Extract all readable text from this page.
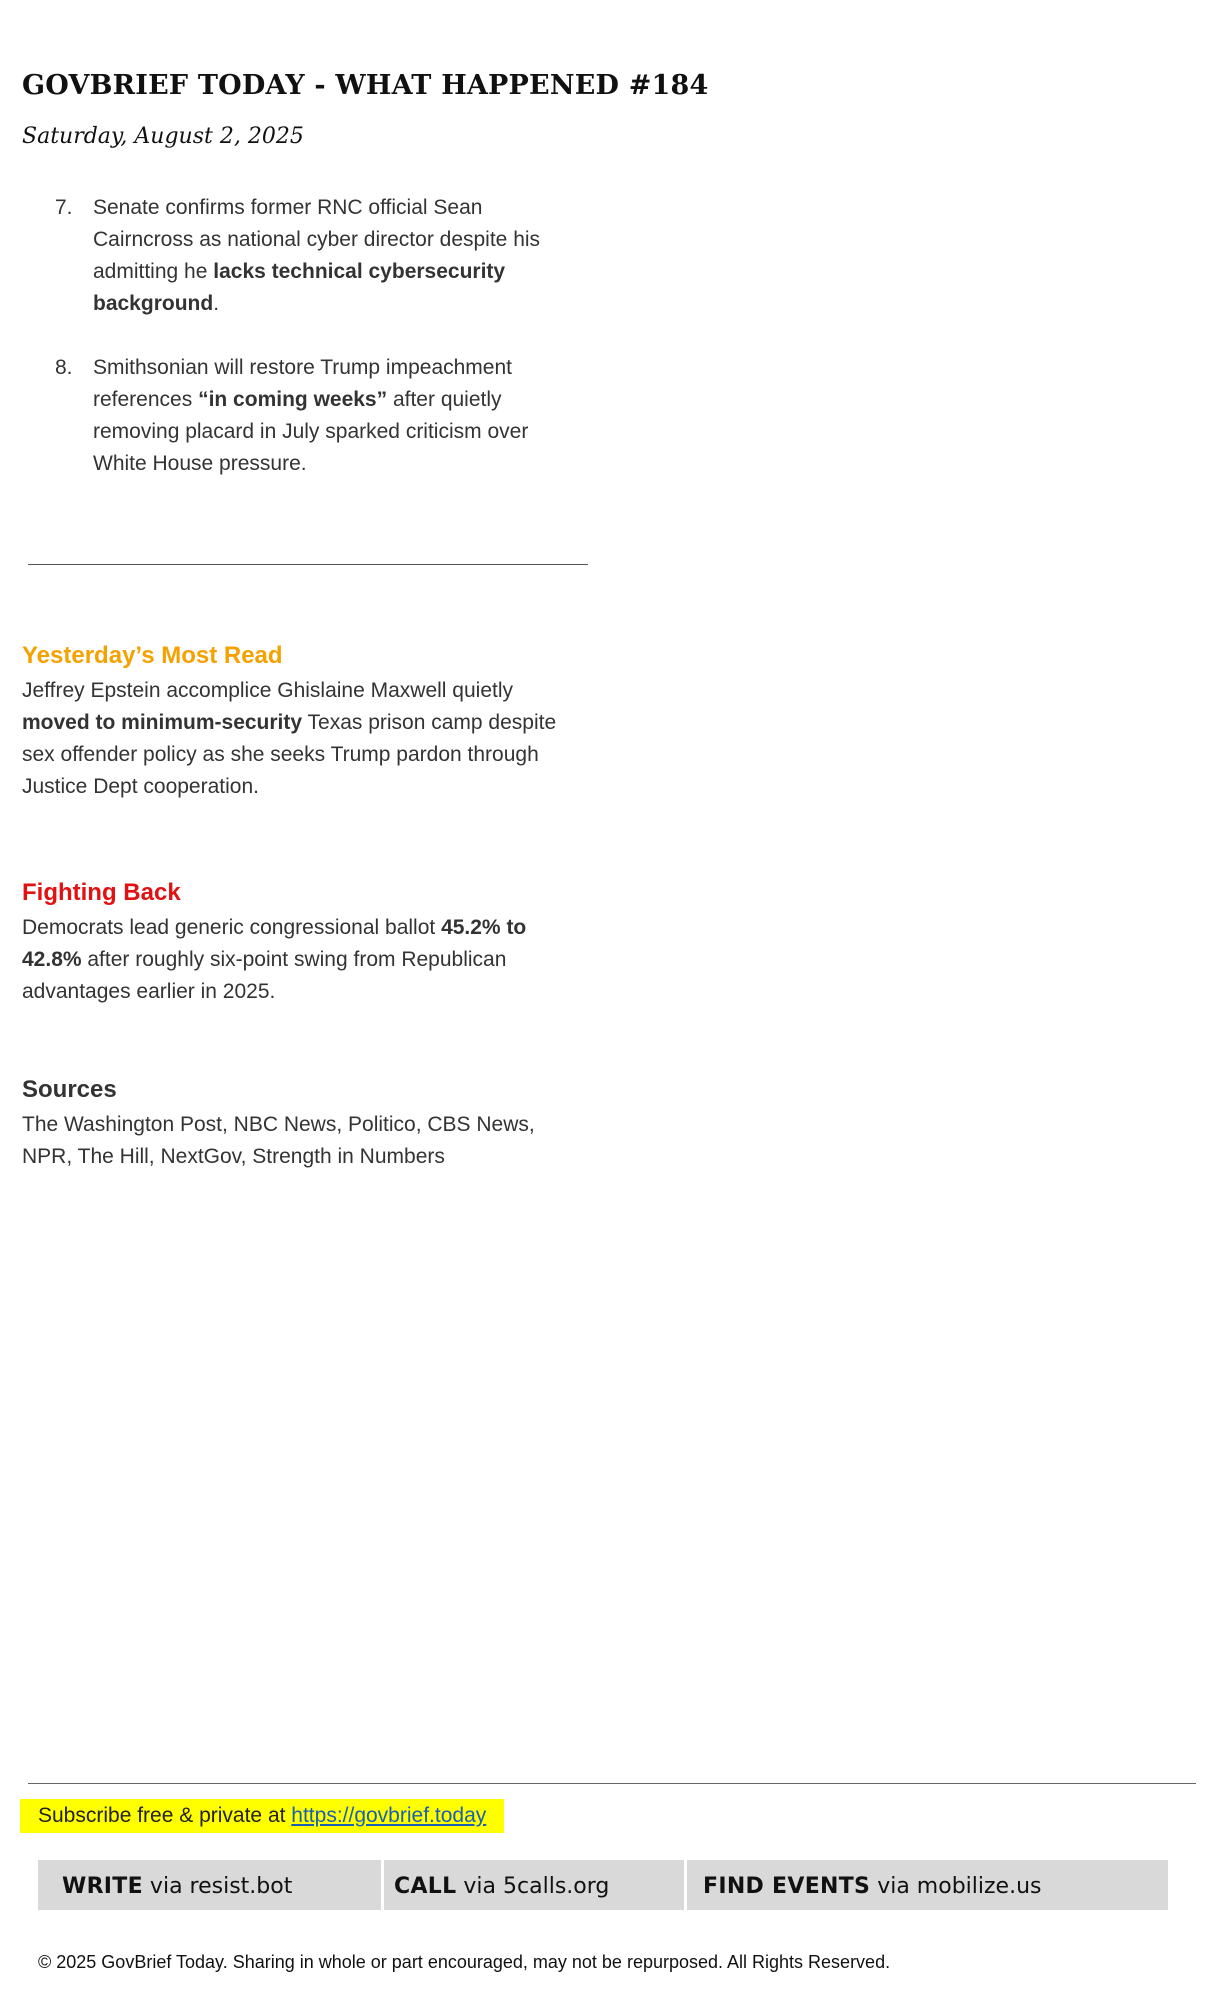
GOVBRIEF TODAY - WHAT HAPPENED #184

Saturday, August 2, 2025

7. Senate confirms former RNC official Sean Cairncross as national cyber director despite his admitting he lacks technical cybersecurity background.
8. Smithsonian will restore Trump impeachment references “in coming weeks” after quietly removing placard in July sparked criticism over White House pressure.
Yesterday’s Most Read

Jeffrey Epstein accomplice Ghislaine Maxwell quietly moved to minimum-security Texas prison camp despite sex offender policy as she seeks Trump pardon through Justice Dept cooperation.

Fighting Back

Democrats lead generic congressional ballot 45.2% to 42.8% after roughly six-point swing from Republican advantages earlier in 2025.

Sources

The Washington Post, NBC News, Politico, CBS News, NPR, The Hill, NextGov, Strength in Numbers

Subscribe free & private at https://govbrief.today
WRITE via resist.bot	CALL via 5calls.org	FIND EVENTS via mobilize.us

© 2025 GovBrief Today. Sharing in whole or part encouraged, may not be repurposed. All Rights Reserved.
